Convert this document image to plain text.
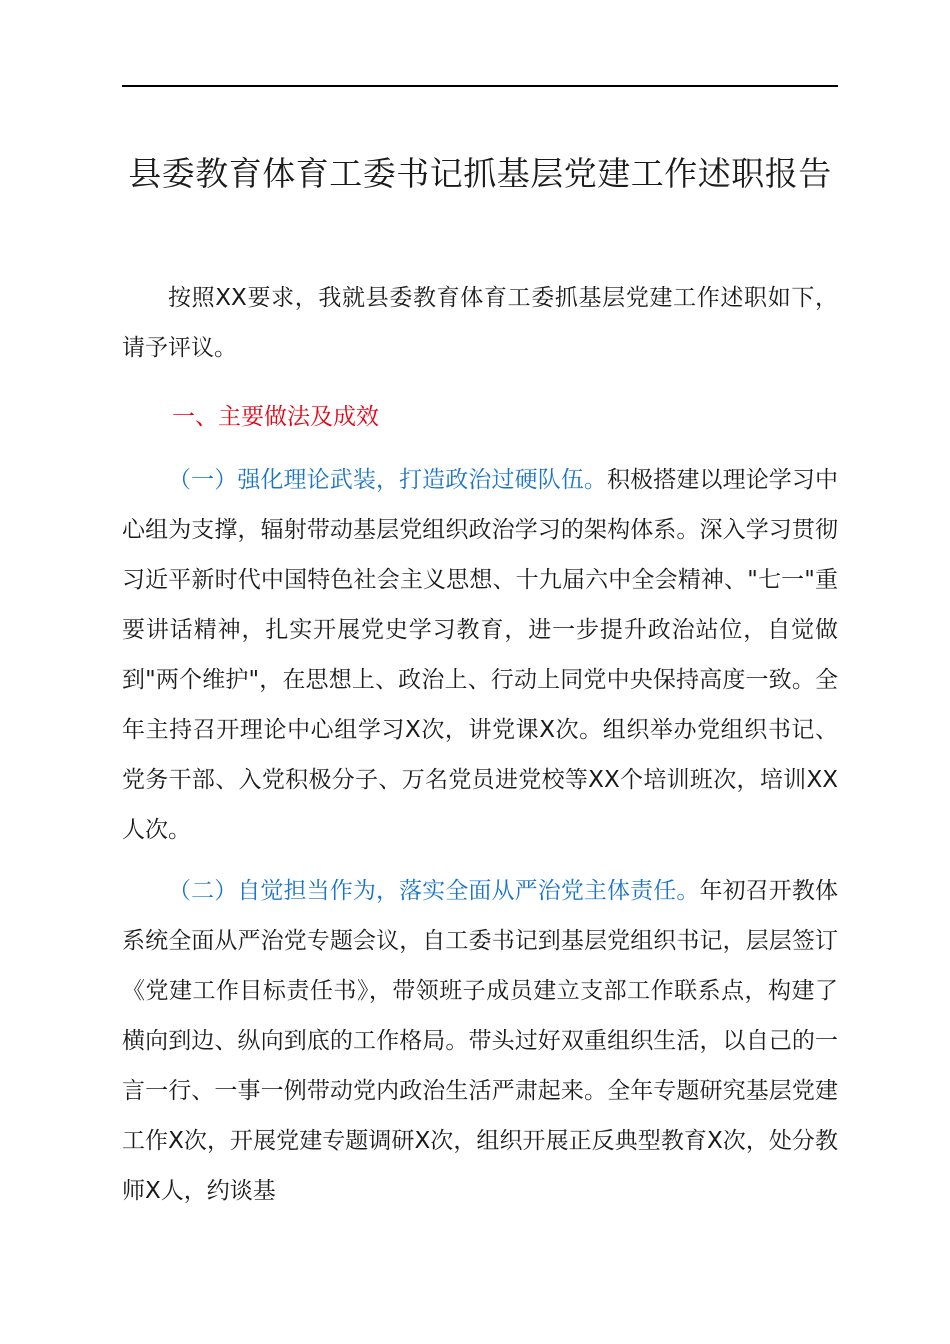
县委教育体育工委书记抓基层党建工作述职报告

按照XX要求，我就县委教育体育工委抓基层党建工作述职如下，请予评议。

一、主要做法及成效

（一）强化理论武装，打造政治过硬队伍。积极搭建以理论学习中心组为支撑，辐射带动基层党组织政治学习的架构体系。深入学习贯彻习近平新时代中国特色社会主义思想、十九届六中全会精神、"七一"重要讲话精神，扎实开展党史学习教育，进一步提升政治站位，自觉做到"两个维护"，在思想上、政治上、行动上同党中央保持高度一致。全年主持召开理论中心组学习X次，讲党课X次。组织举办党组织书记、党务干部、入党积极分子、万名党员进党校等XX个培训班次，培训XX人次。

（二）自觉担当作为，落实全面从严治党主体责任。年初召开教体系统全面从严治党专题会议，自工委书记到基层党组织书记，层层签订《党建工作目标责任书》，带领班子成员建立支部工作联系点，构建了横向到边、纵向到底的工作格局。带头过好双重组织生活，以自己的一言一行、一事一例带动党内政治生活严肃起来。全年专题研究基层党建工作X次，开展党建专题调研X次，组织开展正反典型教育X次，处分教师X人，约谈基
